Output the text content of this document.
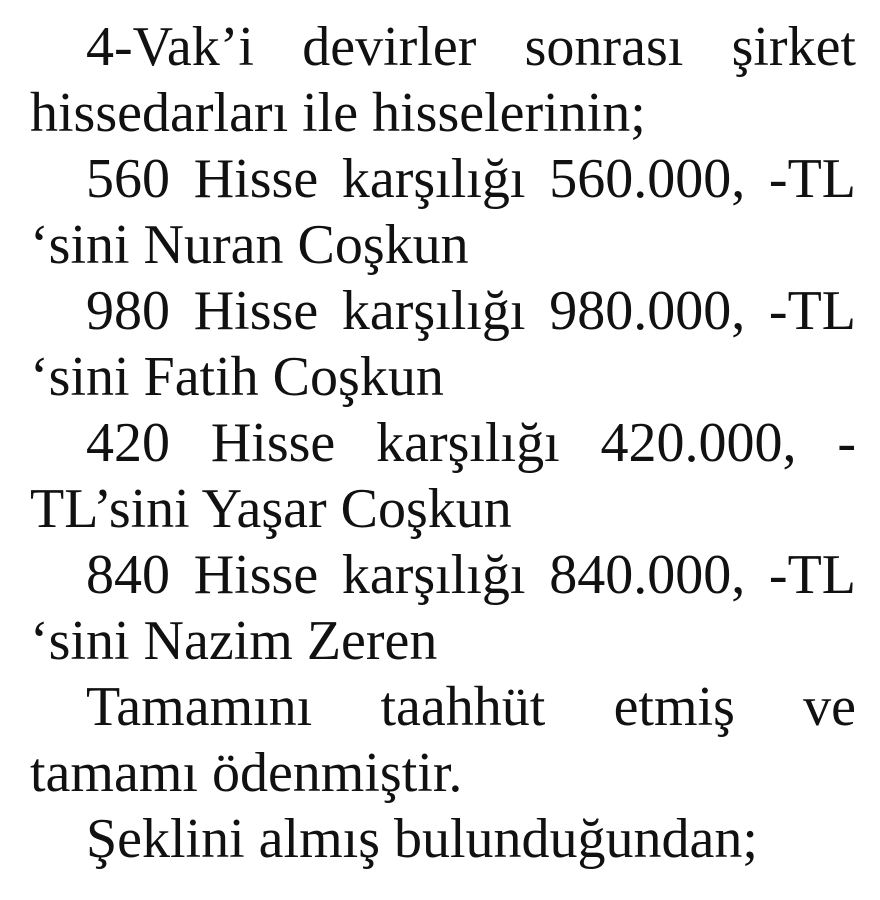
4-Vak’i devirler sonrası şirket
hissedarları ile hisselerinin;
560 Hisse karşılığı 560.000, -TL
‘sini Nuran Coşkun
980 Hisse karşılığı 980.000, -TL
‘sini Fatih Coşkun
420 Hisse karşılığı 420.000, -
TL’sini Yaşar Coşkun
840 Hisse karşılığı 840.000, -TL
‘sini Nazim Zeren
Tamamını taahhüt etmiş ve
tamamı ödenmiştir.
Şeklini almış bulunduğundan;
